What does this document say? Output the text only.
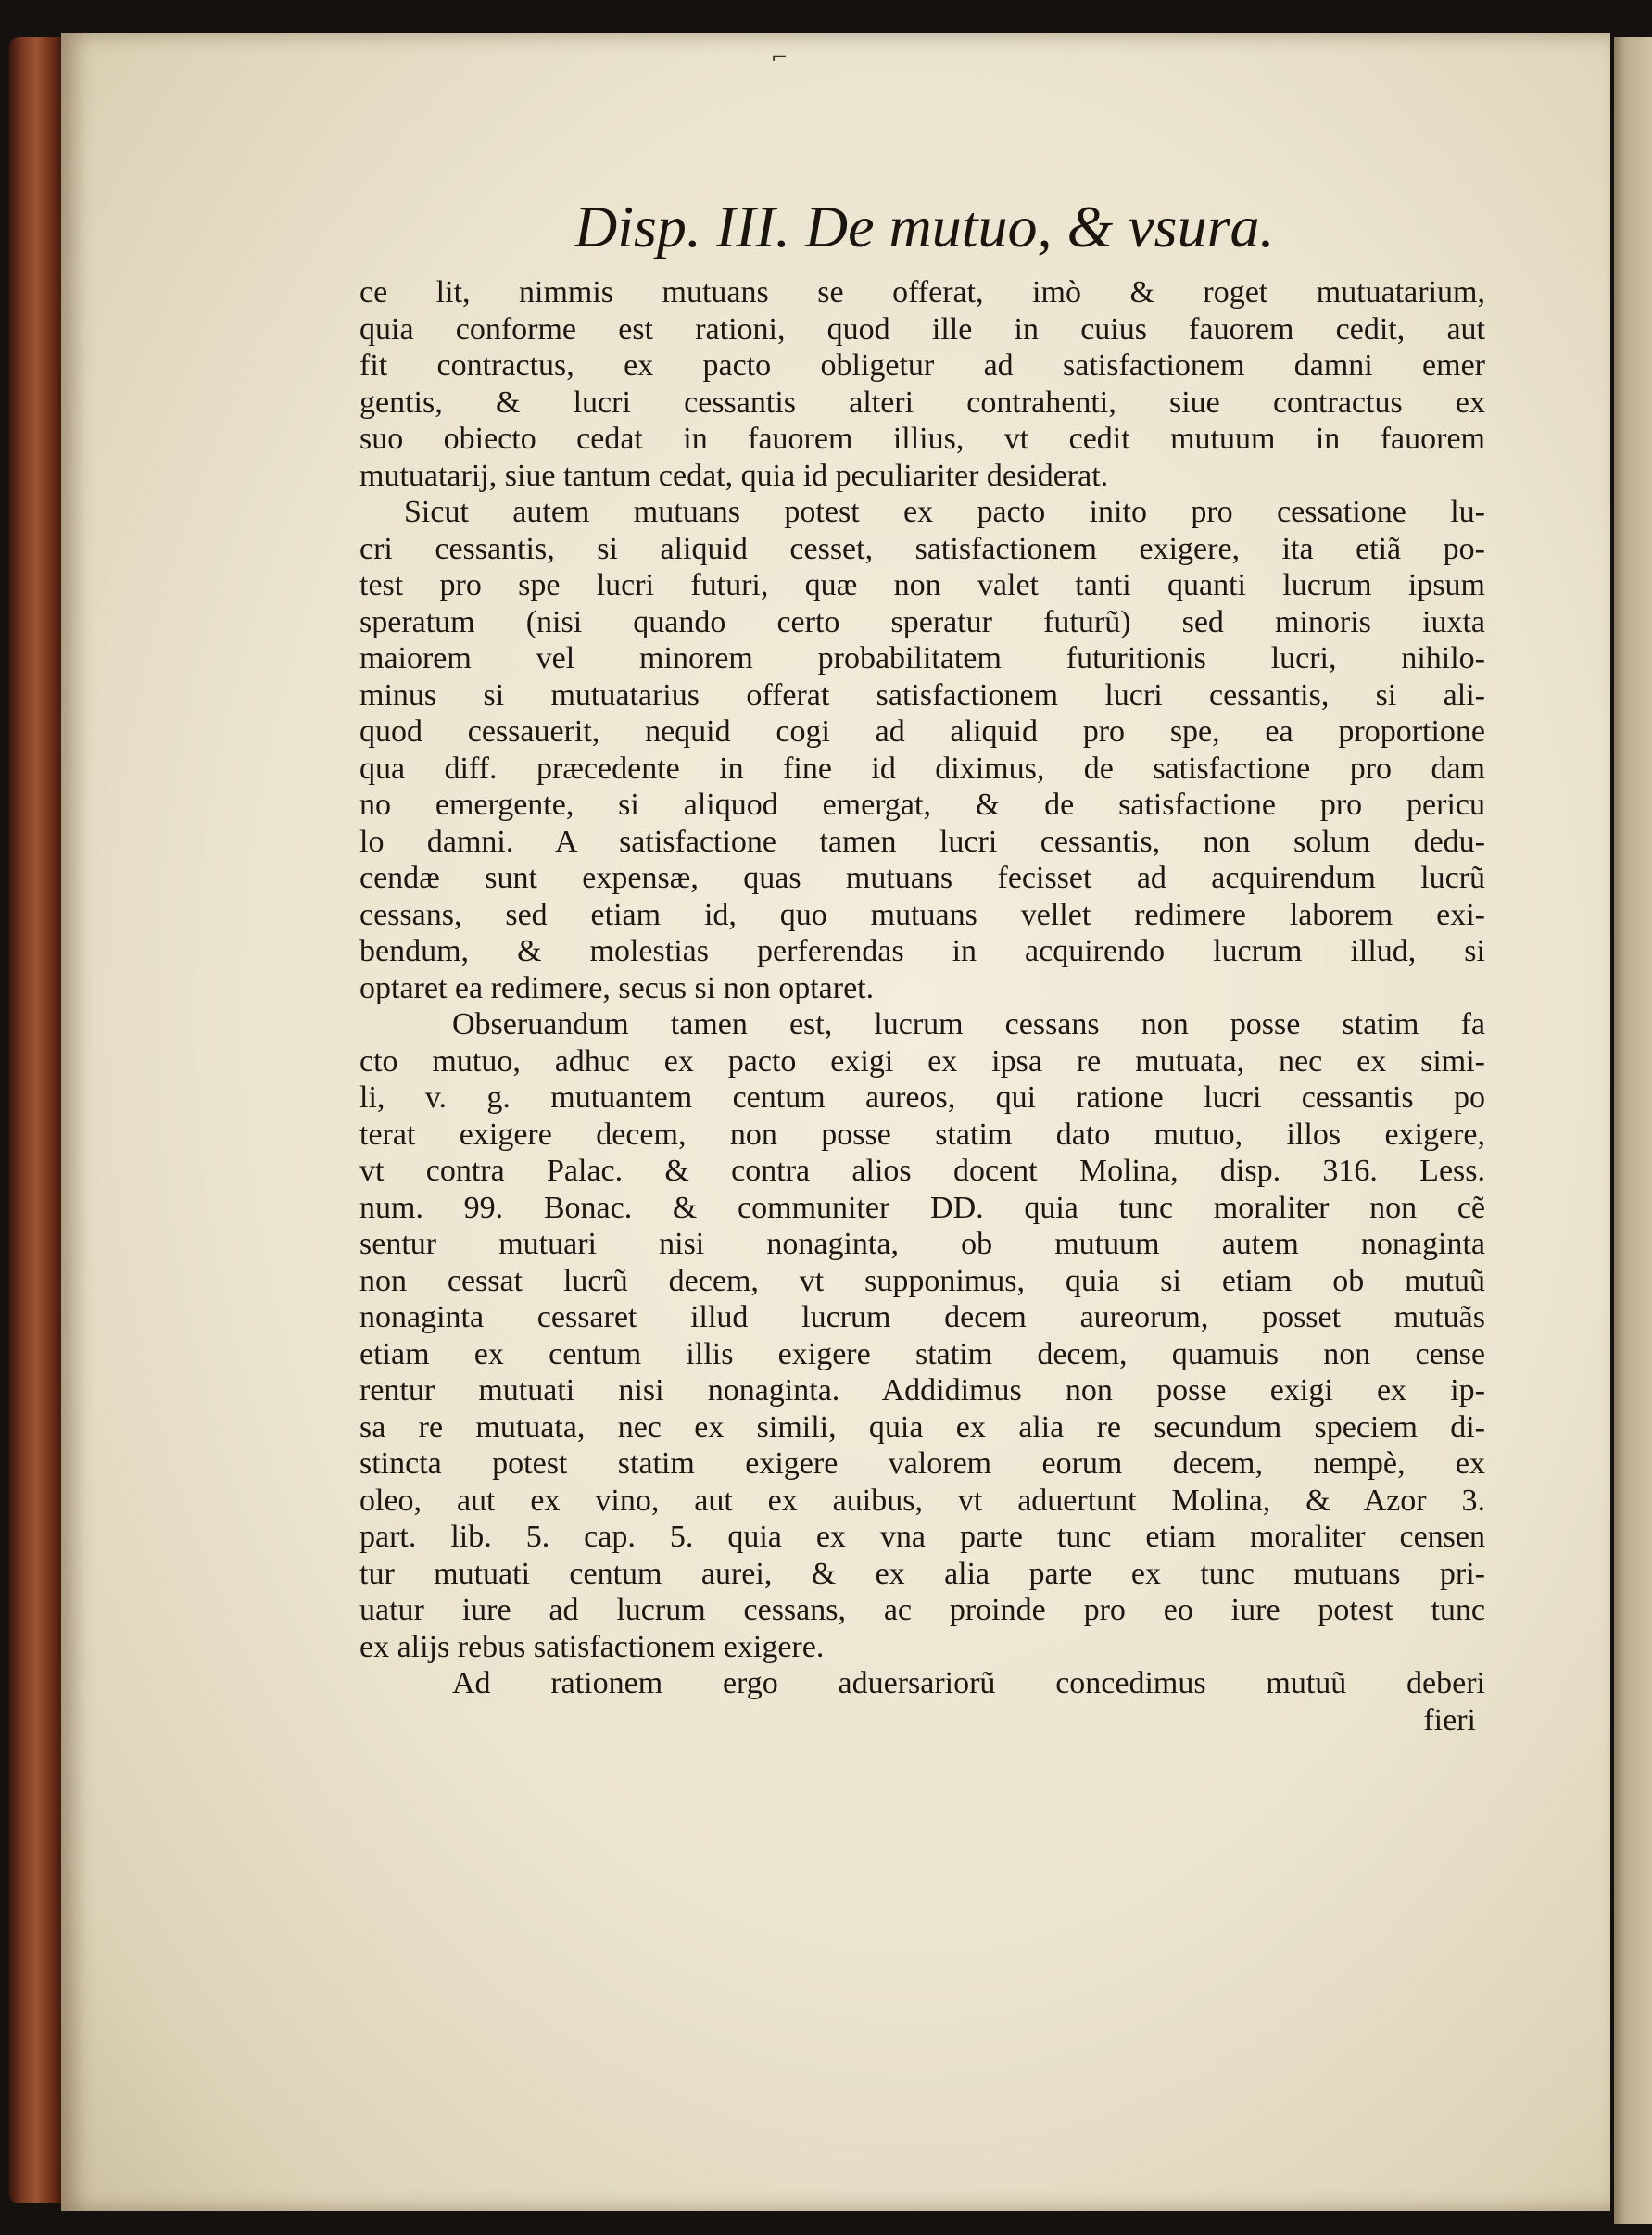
⌐
Disp. III. De mutuo, & vsura.
ce lit, nimmis mutuans se offerat, imò & roget mutuatarium,
quia conforme est rationi, quod ille in cuius fauorem cedit, aut
fit contractus, ex pacto obligetur ad satisfactionem damni emer
gentis, & lucri cessantis alteri contrahenti, siue contractus ex
suo obiecto cedat in fauorem illius, vt cedit mutuum in fauorem
mutuatarij, siue tantum cedat, quia id peculiariter desiderat.
Sicut autem mutuans potest ex pacto inito pro cessatione lu-
cri cessantis, si aliquid cesset, satisfactionem exigere, ita etiã po-
test pro spe lucri futuri, quæ non valet tanti quanti lucrum ipsum
speratum (nisi quando certo speratur futurũ) sed minoris iuxta
maiorem vel minorem probabilitatem futuritionis lucri, nihilo-
minus si mutuatarius offerat satisfactionem lucri cessantis, si ali-
quod cessauerit, nequid cogi ad aliquid pro spe, ea proportione
qua diff. præcedente in fine id diximus, de satisfactione pro dam
no emergente, si aliquod emergat, & de satisfactione pro pericu
lo damni. A satisfactione tamen lucri cessantis, non solum dedu-
cendæ sunt expensæ, quas mutuans fecisset ad acquirendum lucrũ
cessans, sed etiam id, quo mutuans vellet redimere laborem exi-
bendum, & molestias perferendas in acquirendo lucrum illud, si
optaret ea redimere, secus si non optaret.
Obseruandum tamen est, lucrum cessans non posse statim fa
cto mutuo, adhuc ex pacto exigi ex ipsa re mutuata, nec ex simi-
li, v. g. mutuantem centum aureos, qui ratione lucri cessantis po
terat exigere decem, non posse statim dato mutuo, illos exigere,
vt contra Palac. & contra alios docent Molina, disp. 316. Less.
num. 99. Bonac. & communiter DD. quia tunc moraliter non cẽ
sentur mutuari nisi nonaginta, ob mutuum autem nonaginta
non cessat lucrũ decem, vt supponimus, quia si etiam ob mutuũ
nonaginta cessaret illud lucrum decem aureorum, posset mutuãs
etiam ex centum illis exigere statim decem, quamuis non cense
rentur mutuati nisi nonaginta. Addidimus non posse exigi ex ip-
sa re mutuata, nec ex simili, quia ex alia re secundum speciem di-
stincta potest statim exigere valorem eorum decem, nempè, ex
oleo, aut ex vino, aut ex auibus, vt aduertunt Molina, & Azor 3.
part. lib. 5. cap. 5. quia ex vna parte tunc etiam moraliter censen
tur mutuati centum aurei, & ex alia parte ex tunc mutuans pri-
uatur iure ad lucrum cessans, ac proinde pro eo iure potest tunc
ex alijs rebus satisfactionem exigere.
Ad rationem ergo aduersariorũ concedimus mutuũ deberi
fieri
